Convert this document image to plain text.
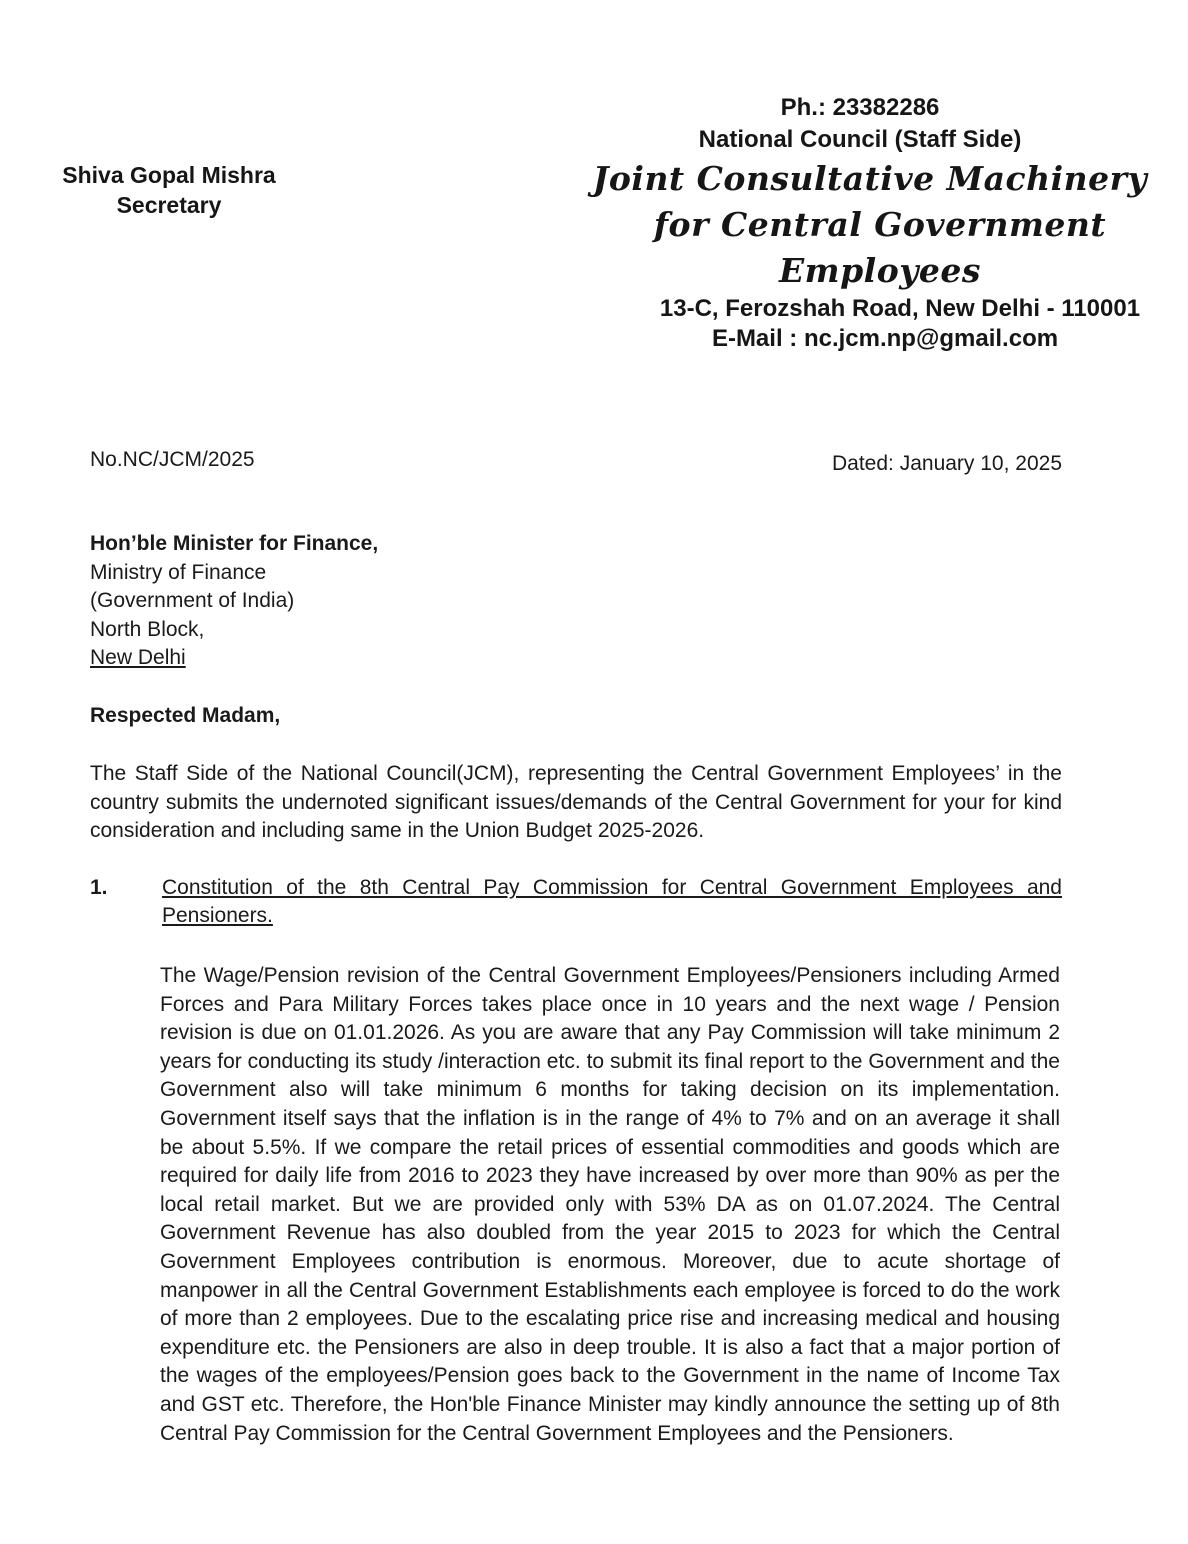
Shiva Gopal Mishra
Secretary
Ph.: 23382286
National Council (Staff Side)
Joint Consultative Machinery
for Central Government Employees
13-C, Ferozshah Road, New Delhi - 110001
E-Mail : nc.jcm.np@gmail.com
No.NC/JCM/2025	Dated: January 10, 2025
Hon’ble Minister for Finance,
Ministry of Finance
(Government of India)
North Block,
New Delhi
Respected Madam,
The Staff Side of the National Council(JCM), representing the Central Government Employees’ in the country submits the undernoted significant issues/demands of the Central Government for your for kind consideration and including same in the Union Budget 2025-2026.
1.	Constitution of the 8th Central Pay Commission for Central Government Employees and Pensioners.
The Wage/Pension revision of the Central Government Employees/Pensioners including Armed Forces and Para Military Forces takes place once in 10 years and the next wage / Pension revision is due on 01.01.2026. As you are aware that any Pay Commission will take minimum 2 years for conducting its study /interaction etc. to submit its final report to the Government and the Government also will take minimum 6 months for taking decision on its implementation. Government itself says that the inflation is in the range of 4% to 7% and on an average it shall be about 5.5%. If we compare the retail prices of essential commodities and goods which are required for daily life from 2016 to 2023 they have increased by over more than 90% as per the local retail market. But we are provided only with 53% DA as on 01.07.2024. The Central Government Revenue has also doubled from the year 2015 to 2023 for which the Central Government Employees contribution is enormous. Moreover, due to acute shortage of manpower in all the Central Government Establishments each employee is forced to do the work of more than 2 employees. Due to the escalating price rise and increasing medical and housing expenditure etc. the Pensioners are also in deep trouble. It is also a fact that a major portion of the wages of the employees/Pension goes back to the Government in the name of Income Tax and GST etc. Therefore, the Hon'ble Finance Minister may kindly announce the setting up of 8th Central Pay Commission for the Central Government Employees and the Pensioners.
